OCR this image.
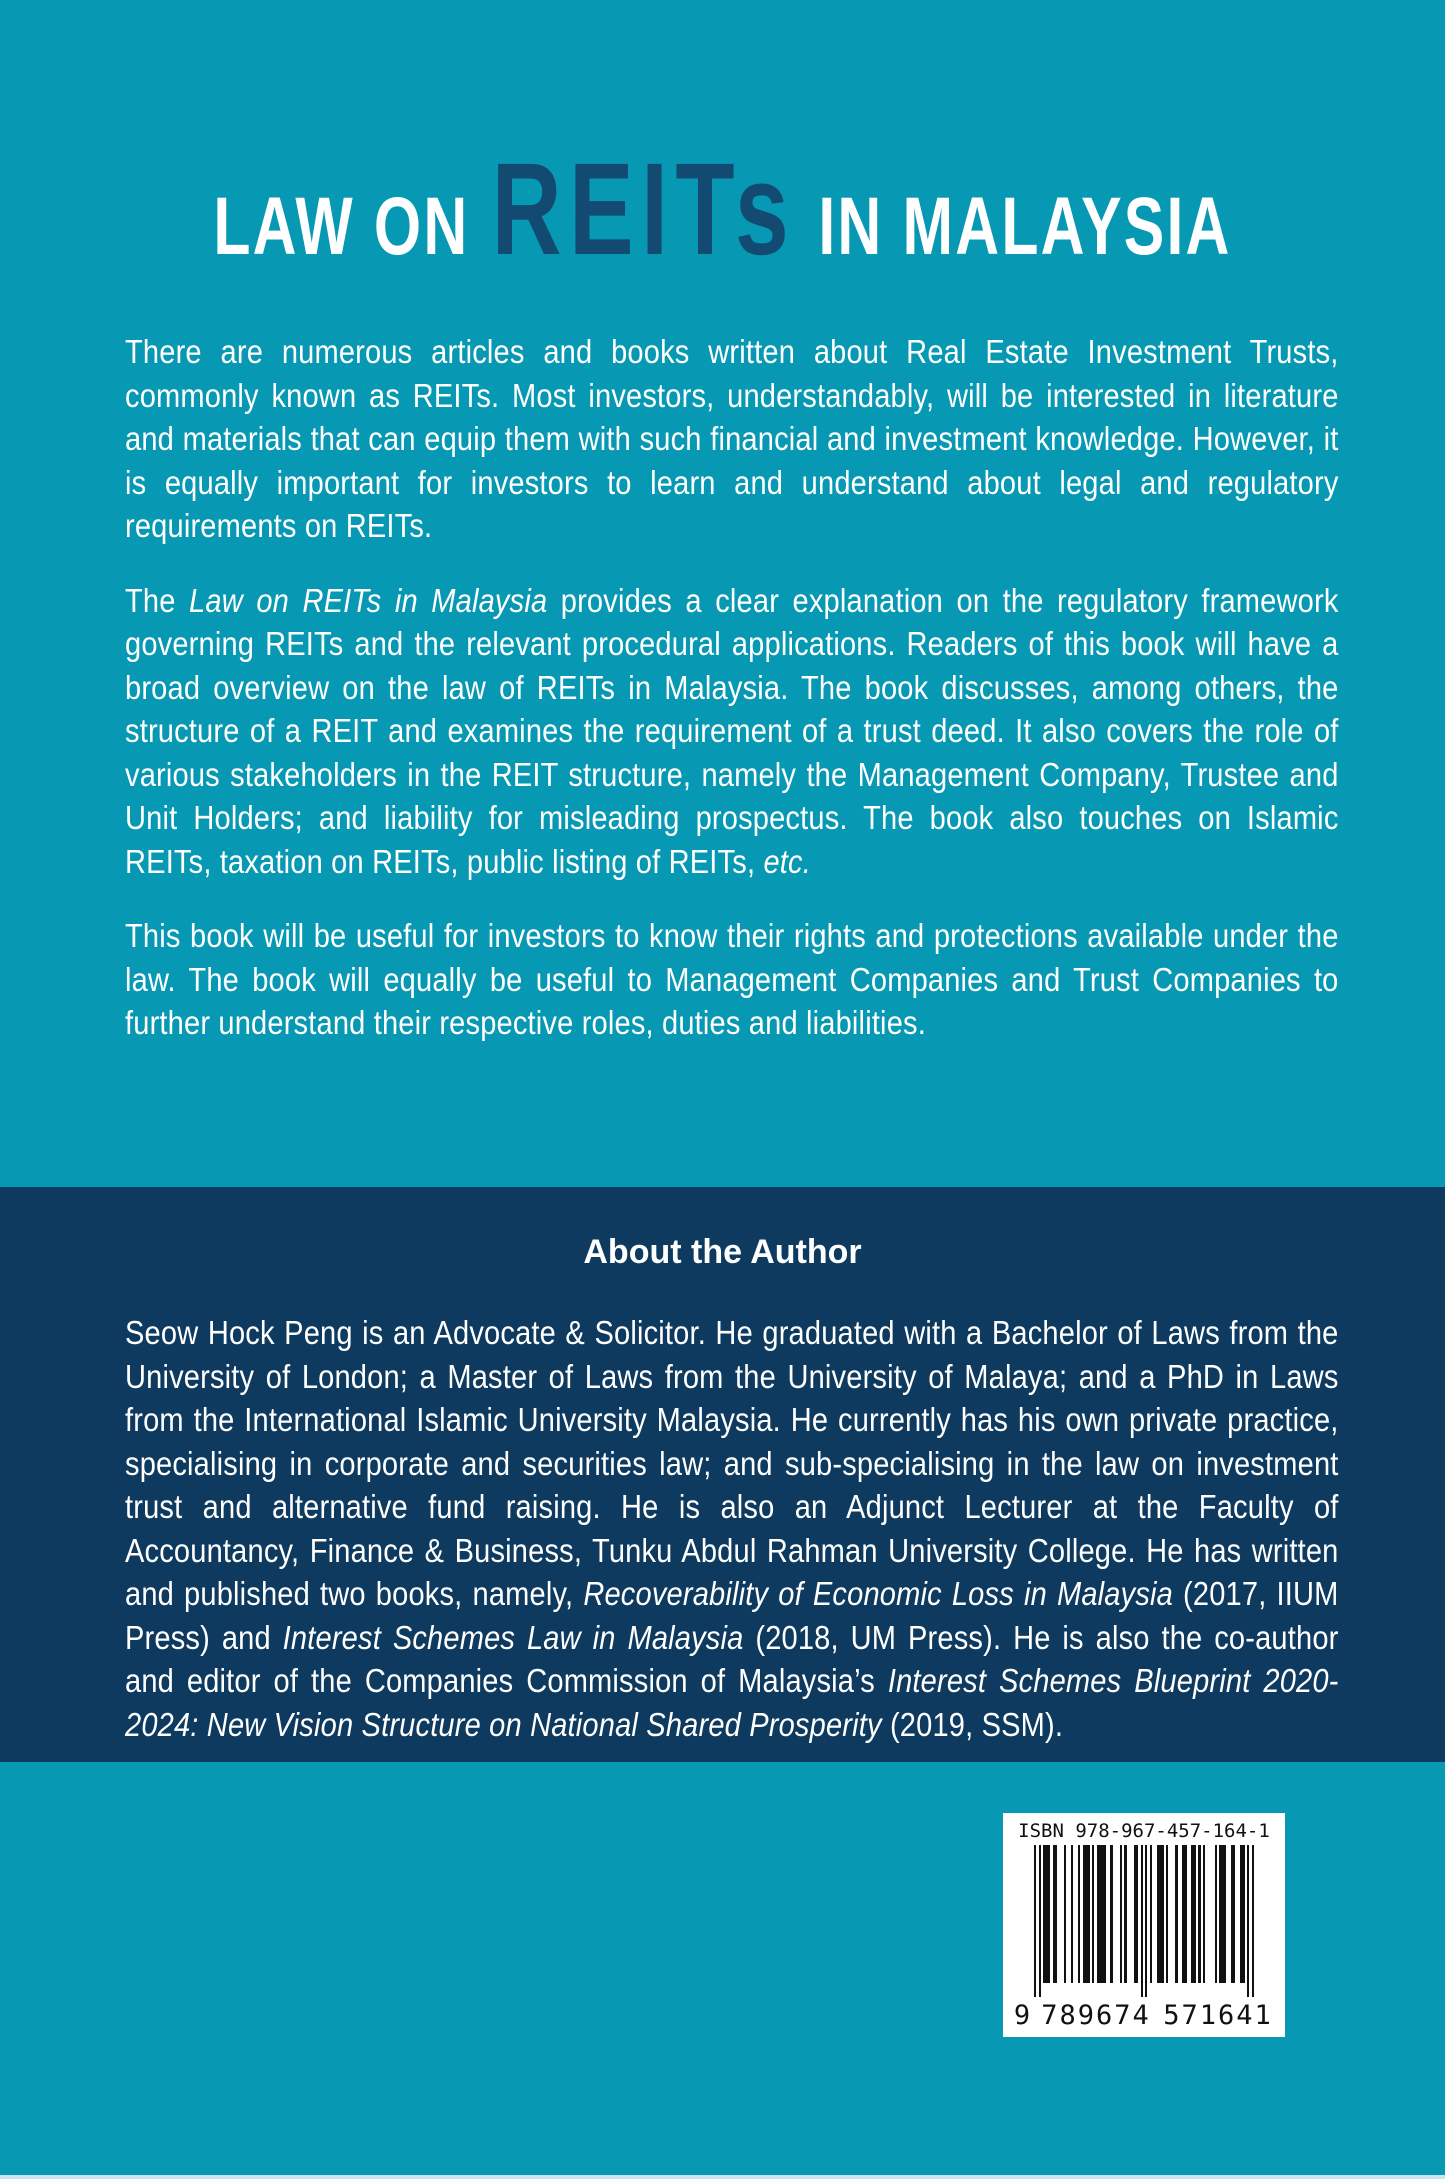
LAW ON REITs IN MALAYSIA

There are numerous articles and books written about Real Estate Investment Trusts, commonly known as REITs. Most investors, understandably, will be interested in literature and materials that can equip them with such financial and investment knowledge. However, it is equally important for investors to learn and understand about legal and regulatory requirements on REITs.

The Law on REITs in Malaysia provides a clear explanation on the regulatory framework governing REITs and the relevant procedural applications. Readers of this book will have a broad overview on the law of REITs in Malaysia. The book discusses, among others, the structure of a REIT and examines the requirement of a trust deed. It also covers the role of various stakeholders in the REIT structure, namely the Management Company, Trustee and Unit Holders; and liability for misleading prospectus. The book also touches on Islamic REITs, taxation on REITs, public listing of REITs, etc.

This book will be useful for investors to know their rights and protections available under the law. The book will equally be useful to Management Companies and Trust Companies to further understand their respective roles, duties and liabilities.

About the Author

Seow Hock Peng is an Advocate & Solicitor. He graduated with a Bachelor of Laws from the University of London; a Master of Laws from the University of Malaya; and a PhD in Laws from the International Islamic University Malaysia. He currently has his own private practice, specialising in corporate and securities law; and sub-specialising in the law on investment trust and alternative fund raising. He is also an Adjunct Lecturer at the Faculty of Accountancy, Finance & Business, Tunku Abdul Rahman University College. He has written and published two books, namely, Recoverability of Economic Loss in Malaysia (2017, IIUM Press) and Interest Schemes Law in Malaysia (2018, UM Press). He is also the co-author and editor of the Companies Commission of Malaysia’s Interest Schemes Blueprint 2020-2024: New Vision Structure on National Shared Prosperity (2019, SSM).

ISBN 978-967-457-164-1
9 789674 571641
